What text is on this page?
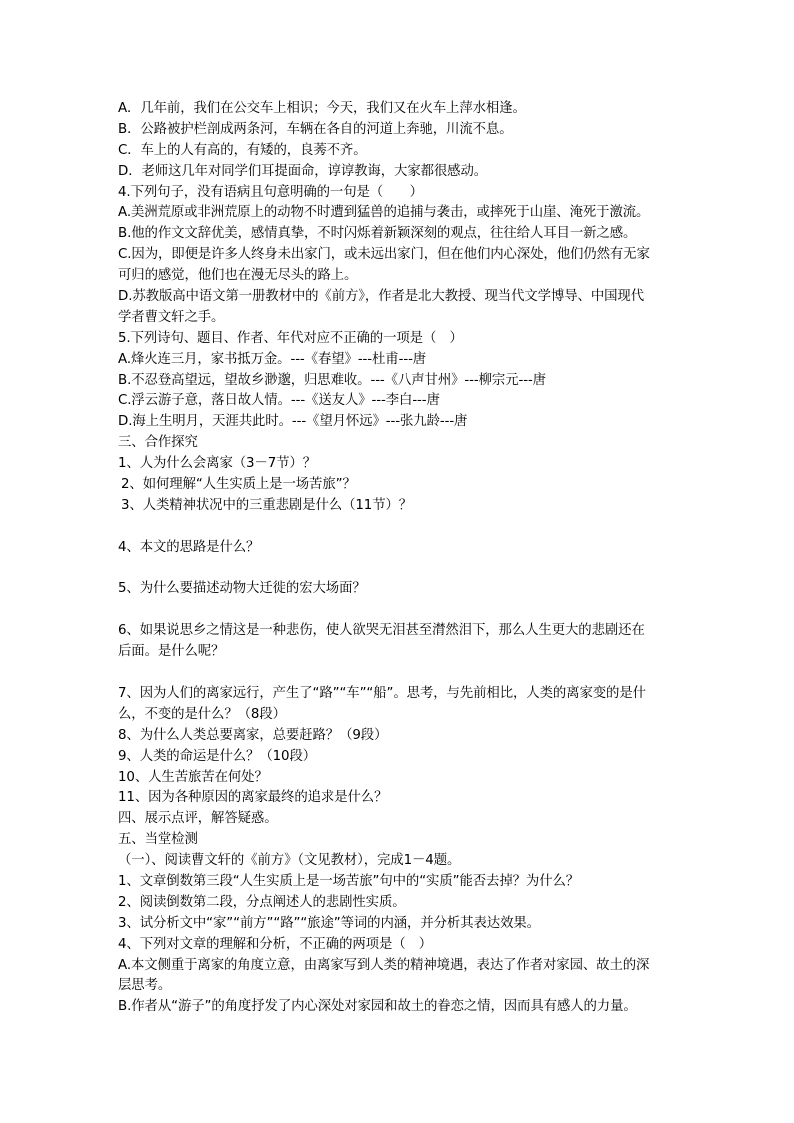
A．几年前，我们在公交车上相识；今天，我们又在火车上萍水相逢。
B．公路被护栏剖成两条河，车辆在各自的河道上奔驰，川流不息。
C．车上的人有高的，有矮的，良莠不齐。
D．老师这几年对同学们耳提面命，谆谆教诲，大家都很感动。
4.下列句子，没有语病且句意明确的一句是（　　）
A.美洲荒原或非洲荒原上的动物不时遭到猛兽的追捕与袭击，或摔死于山崖、淹死于激流。
B.他的作文文辞优美，感情真挚，不时闪烁着新颖深刻的观点，往往给人耳目一新之感。
C.因为，即便是许多人终身未出家门，或未远出家门，但在他们内心深处，他们仍然有无家
可归的感觉，他们也在漫无尽头的路上。
D.苏教版高中语文第一册教材中的《前方》，作者是北大教授、现当代文学博导、中国现代
学者曹文轩之手。
5.下列诗句、题目、作者、年代对应不正确的一项是（　）
A.烽火连三月，家书抵万金。---《春望》---杜甫---唐
B.不忍登高望远，望故乡渺邈，归思难收。---《八声甘州》---柳宗元---唐
C.浮云游子意，落日故人情。---《送友人》---李白---唐
D.海上生明月，天涯共此时。---《望月怀远》---张九龄---唐
三、合作探究
1、人为什么会离家（3－7节）？
2、如何理解“人生实质上是一场苦旅”？
3、人类精神状况中的三重悲剧是什么（11节）？
4、本文的思路是什么？
5、为什么要描述动物大迁徙的宏大场面？
6、如果说思乡之情这是一种悲伤，使人欲哭无泪甚至潸然泪下，那么人生更大的悲剧还在
后面。是什么呢？
7、因为人们的离家远行，产生了“路”“车”“船”。思考，与先前相比，人类的离家变的是什
么，不变的是什么？（8段）
8、为什么人类总要离家，总要赶路？（9段）
9、人类的命运是什么？（10段）
10、人生苦旅苦在何处？
11、因为各种原因的离家最终的追求是什么？
四、展示点评，解答疑惑。
五、当堂检测
（一）、阅读曹文轩的《前方》（文见教材），完成1－4题。
1、文章倒数第三段“人生实质上是一场苦旅”句中的“实质”能否去掉？为什么？
2、阅读倒数第二段，分点阐述人的悲剧性实质。
3、试分析文中“家”“前方”“路”“旅途”等词的内涵，并分析其表达效果。
4、下列对文章的理解和分析，不正确的两项是（　）
A.本文侧重于离家的角度立意，由离家写到人类的精神境遇，表达了作者对家园、故土的深
层思考。
B.作者从“游子”的角度抒发了内心深处对家园和故土的眷恋之情，因而具有感人的力量。
